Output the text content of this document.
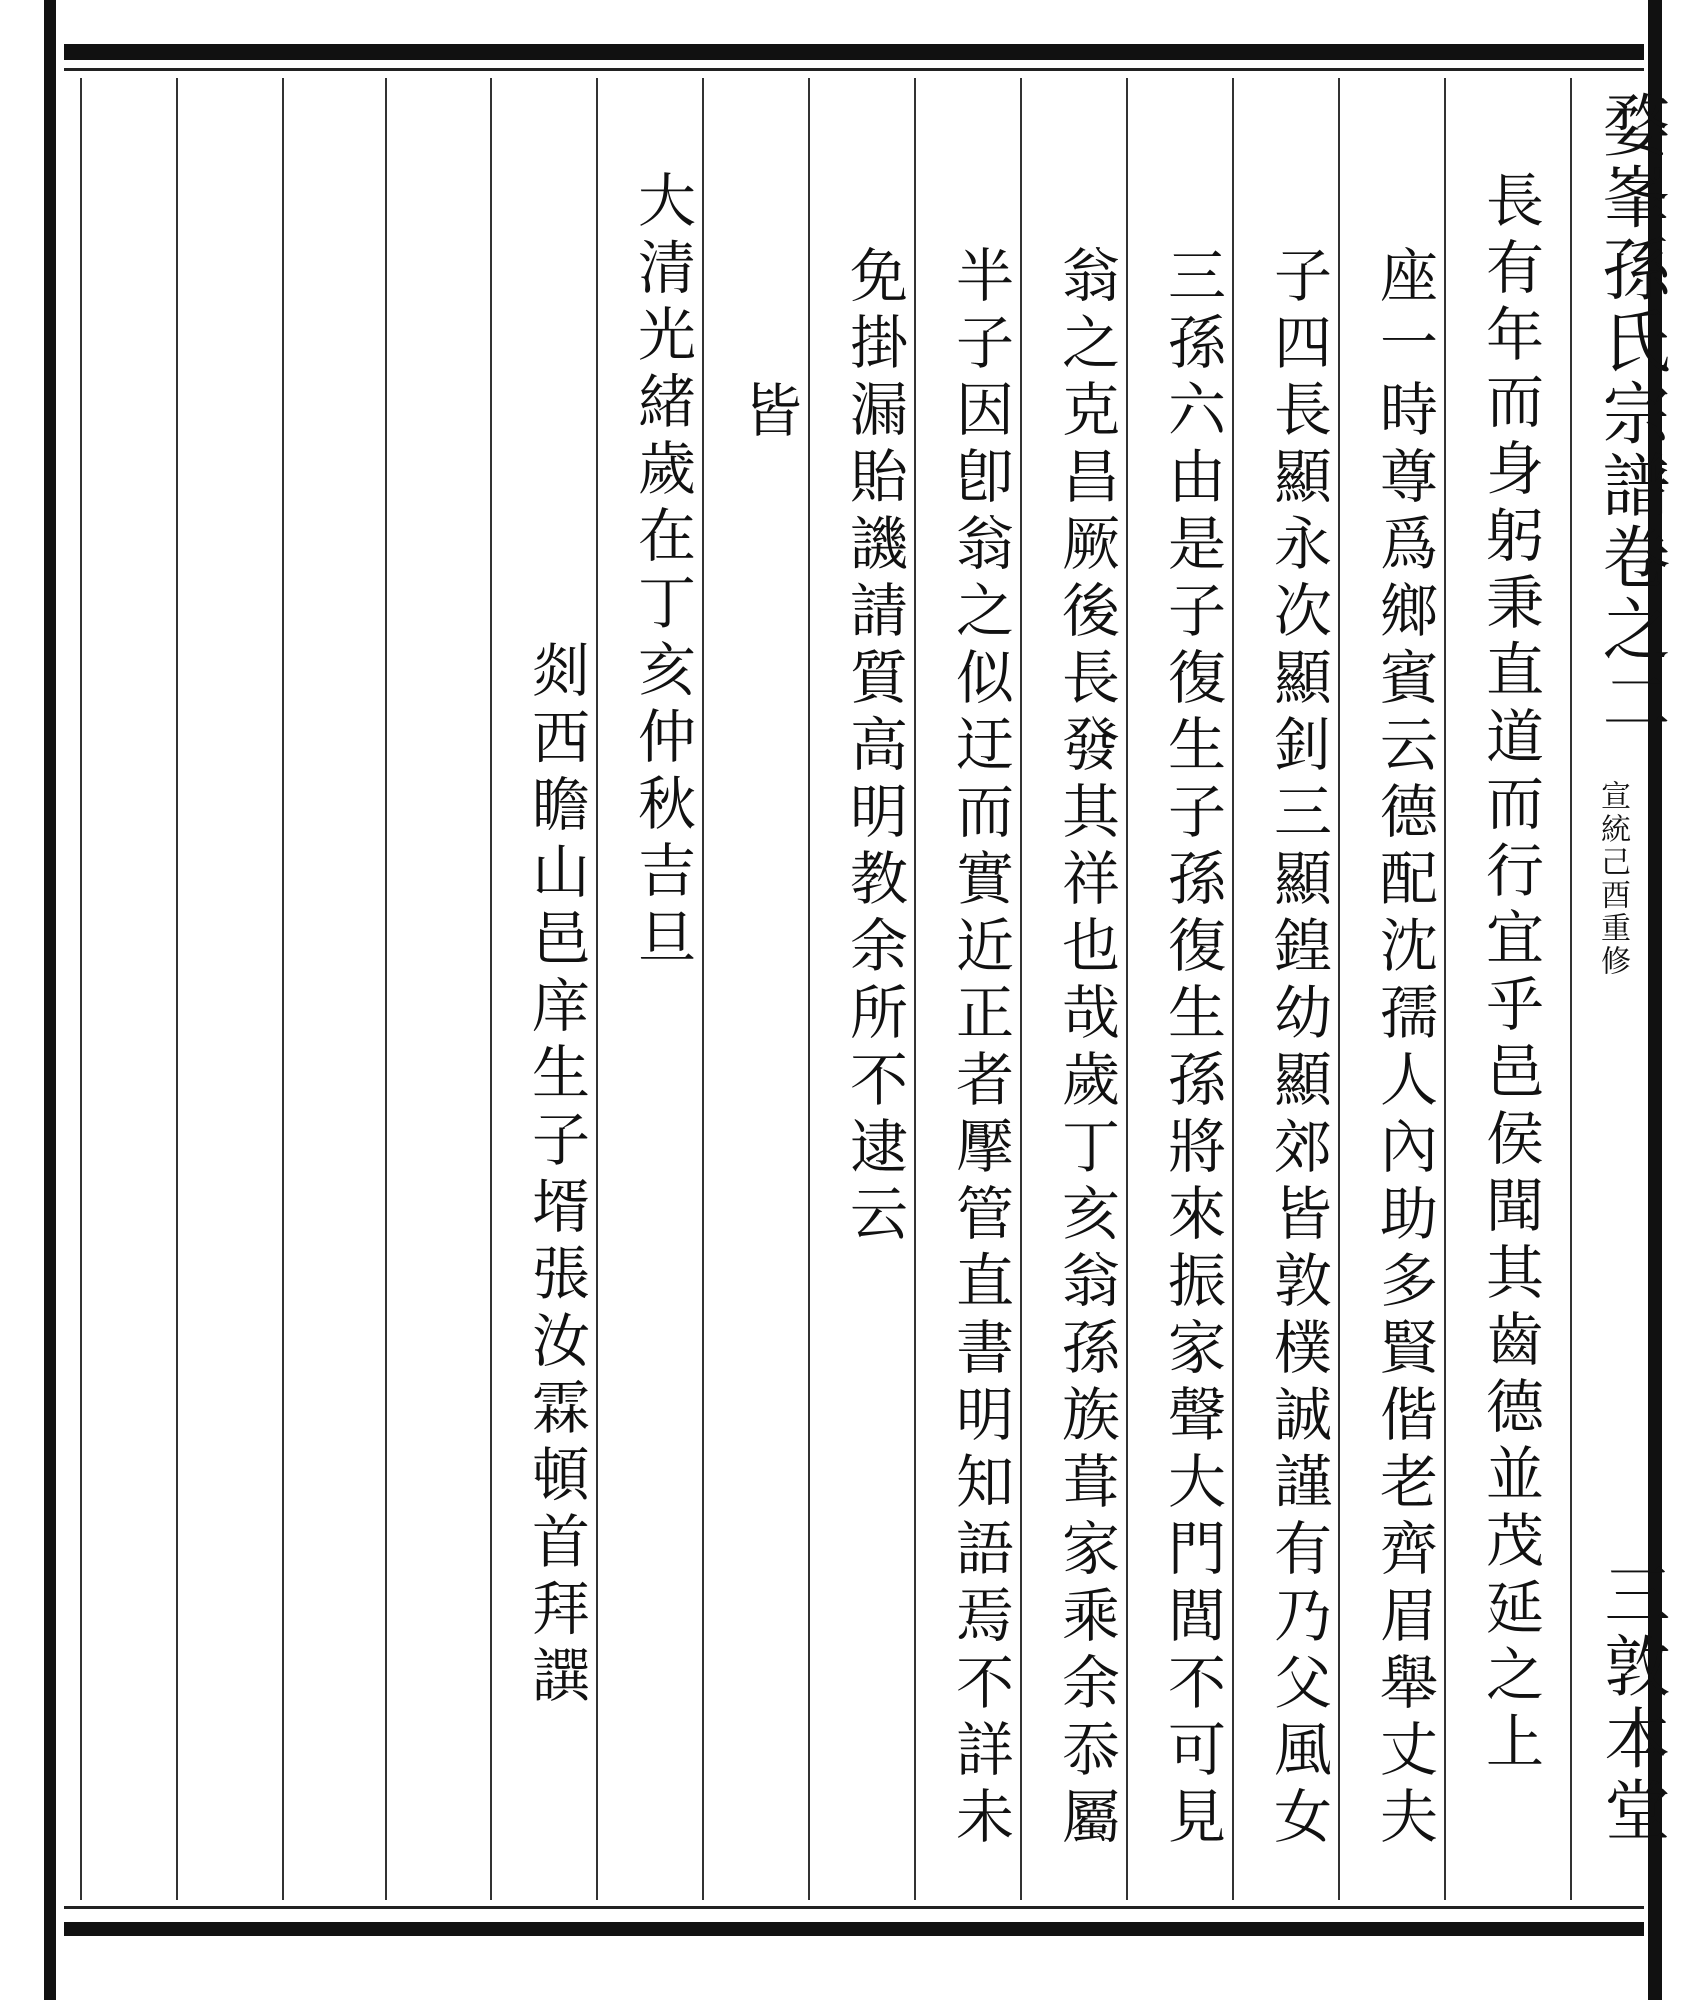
婺峯孫氏宗譜卷之二
宣統己酉重修
三敦本堂
長有年而身躬秉直道而行宜乎邑侯聞其齒德並茂延之上
座一時尊爲鄉賓云德配沈孺人內助多賢偕老齊眉舉丈夫
子四長顯永次顯釗三顯鍠幼顯郊皆敦樸誠謹有乃父風女
三孫六由是子復生子孫復生孫將來振家聲大門閭不可見
翁之克昌厥後長發其祥也哉歲丁亥翁孫族葺家乘余忝屬
半子因卽翁之似迂而實近正者擪管直書明知語焉不詳未
免掛漏貽譏請質高明教余所不逮云
皆
大清光緒歲在丁亥仲秋吉旦
剡西瞻山邑庠生子壻張汝霖頓首拜譔
